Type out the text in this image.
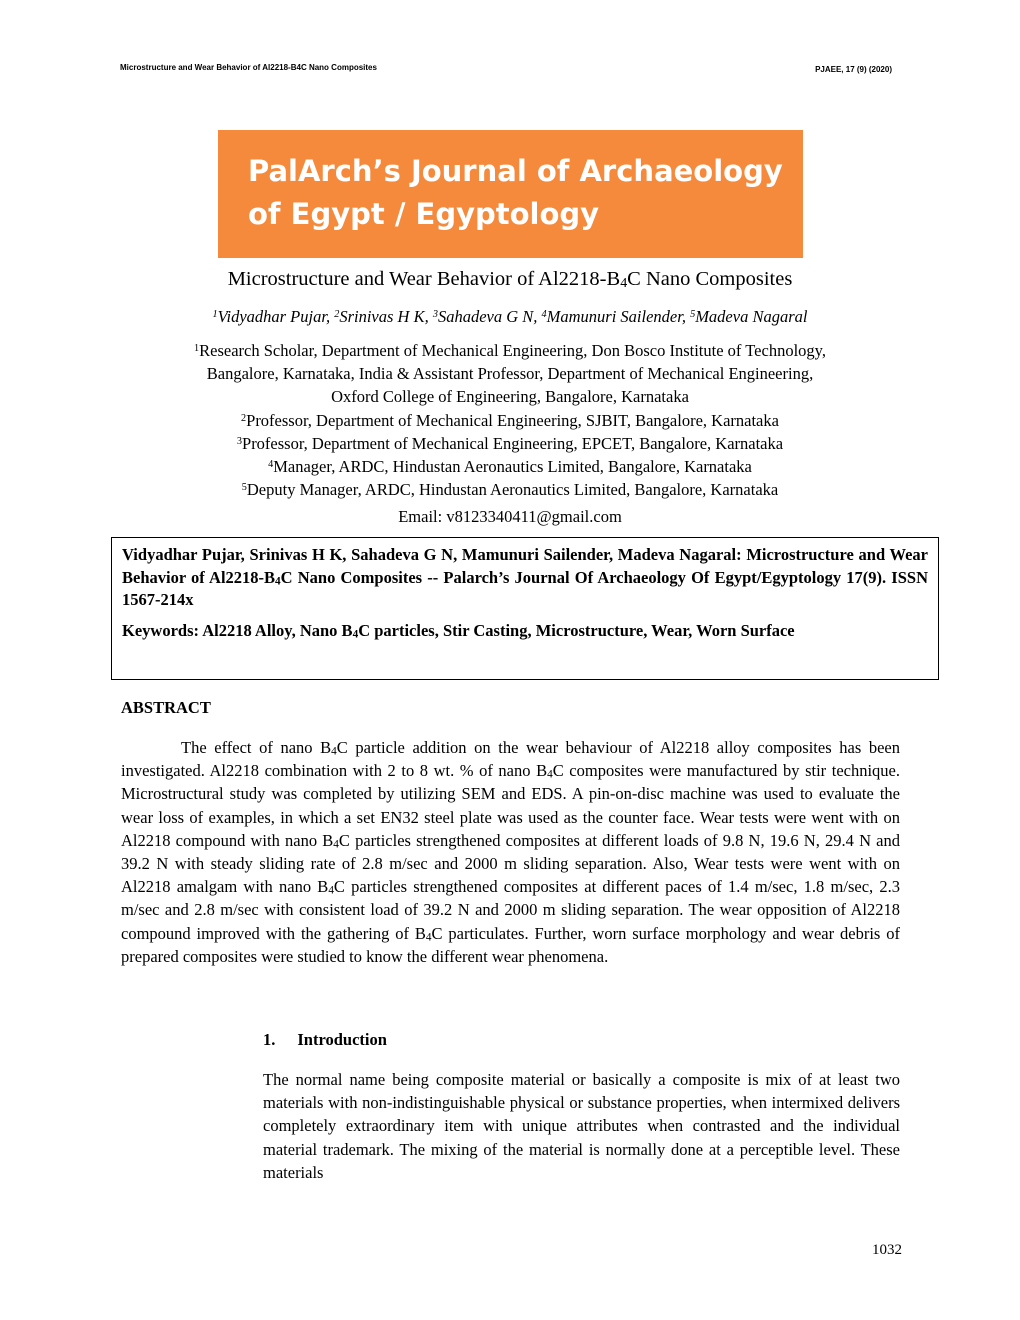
Microstructure and Wear Behavior of Al2218-B4C Nano Composites	PJAEE, 17 (9) (2020)
PalArch’s Journal of Archaeology
of Egypt / Egyptology
Microstructure and Wear Behavior of $Al2218-B_4C$ Nano Composites
$^1$Vidyadhar Pujar, $^2$Srinivas H K, $^3$Sahadeva G N, $^4$Mamunuri Sailender, $^5$Madeva Nagaral
$^1$Research Scholar, Department of Mechanical Engineering, Don Bosco Institute of Technology,
Bangalore, Karnataka, India & Assistant Professor, Department of Mechanical Engineering,
Oxford College of Engineering, Bangalore, Karnataka
$^2$Professor, Department of Mechanical Engineering, SJBIT, Bangalore, Karnataka
$^3$Professor, Department of Mechanical Engineering, EPCET, Bangalore, Karnataka
$^4$Manager, ARDC, Hindustan Aeronautics Limited, Bangalore, Karnataka
$^5$Deputy Manager, ARDC, Hindustan Aeronautics Limited, Bangalore, Karnataka
Email: v8123340411@gmail.com
Vidyadhar Pujar, Srinivas H K, Sahadeva G N, Mamunuri Sailender, Madeva Nagaral: Microstructure and Wear Behavior of $Al2218-B_4C$ Nano Composites -- Palarch’s Journal Of Archaeology Of Egypt/Egyptology 17(9). ISSN 1567-214x
Keywords: Al2218 Alloy, Nano $B_4C$ particles, Stir Casting, Microstructure, Wear, Worn Surface
ABSTRACT
The effect of nano $B_4C$ particle addition on the wear behaviour of Al2218 alloy composites has been investigated. Al2218 combination with 2 to 8 wt. % of nano $B_4C$ composites were manufactured by stir technique. Microstructural study was completed by utilizing SEM and EDS. A pin-on-disc machine was used to evaluate the wear loss of examples, in which a set EN32 steel plate was used as the counter face. Wear tests were went with on Al2218 compound with nano $B_4C$ particles strengthened composites at different loads of 9.8 N, 19.6 N, 29.4 N and 39.2 N with steady sliding rate of 2.8 m/sec and 2000 m sliding separation. Also, Wear tests were went with on Al2218 amalgam with nano $B_4C$ particles strengthened composites at different paces of 1.4 m/sec, 1.8 m/sec, 2.3 m/sec and 2.8 m/sec with consistent load of 39.2 N and 2000 m sliding separation. The wear opposition of Al2218 compound improved with the gathering of $B_4C$ particulates. Further, worn surface morphology and wear debris of prepared composites were studied to know the different wear phenomena.
1. Introduction
The normal name being composite material or basically a composite is mix of at least two materials with non-indistinguishable physical or substance properties, when intermixed delivers completely extraordinary item with unique attributes when contrasted and the individual material trademark. The mixing of the material is normally done at a perceptible level. These materials
1032
